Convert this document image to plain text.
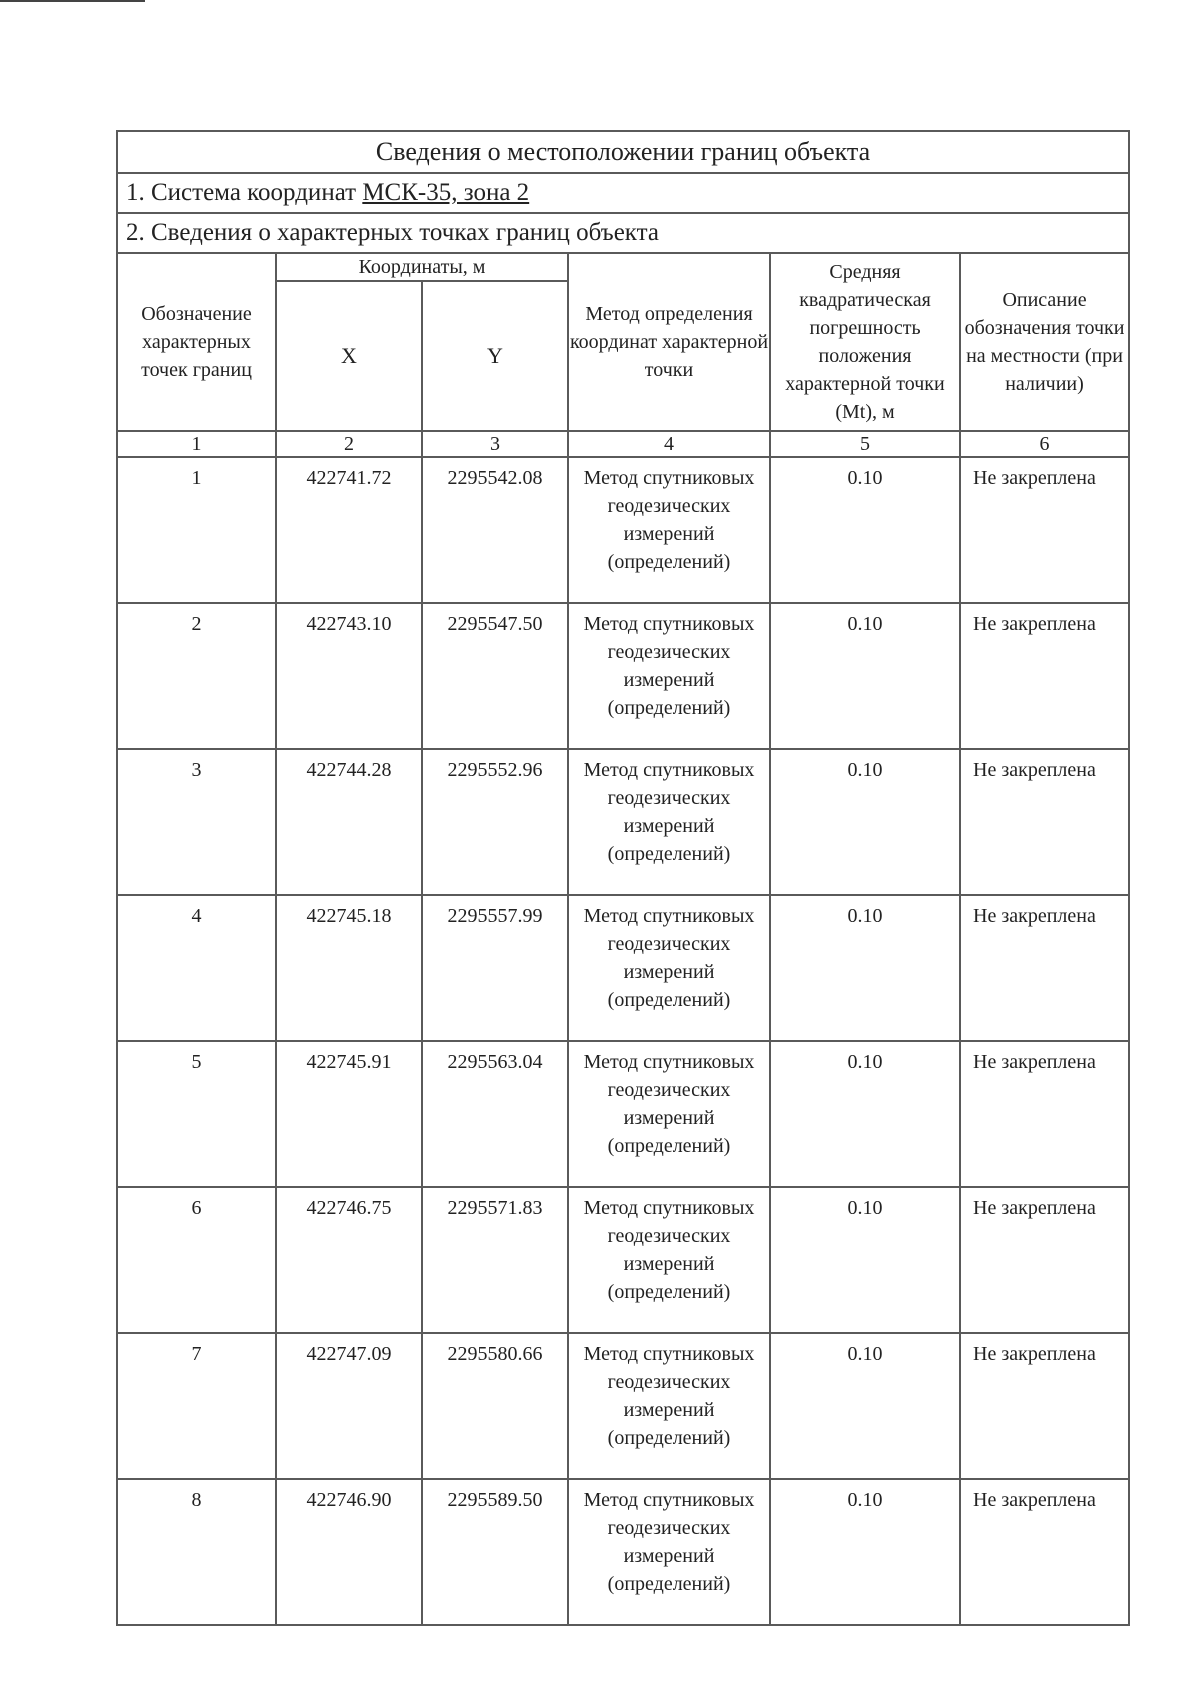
Сведения о местоположении границ объекта					
1. Система координат МСК-35, зона 2					
2. Сведения о характерных точках границ объекта					
Обозначение характерных точек границ	Координаты, м		Метод определения координат характерной точки	Средняя квадратическая погрешность положения характерной точки (Mt), м	Описание обозначения точки на местности (при наличии)
	X	Y			
1	2	3	4	5	6
1	422741.72	2295542.08	Метод спутниковых геодезических измерений (определений)	0.10	Не закреплена
2	422743.10	2295547.50	Метод спутниковых геодезических измерений (определений)	0.10	Не закреплена
3	422744.28	2295552.96	Метод спутниковых геодезических измерений (определений)	0.10	Не закреплена
4	422745.18	2295557.99	Метод спутниковых геодезических измерений (определений)	0.10	Не закреплена
5	422745.91	2295563.04	Метод спутниковых геодезических измерений (определений)	0.10	Не закреплена
6	422746.75	2295571.83	Метод спутниковых геодезических измерений (определений)	0.10	Не закреплена
7	422747.09	2295580.66	Метод спутниковых геодезических измерений (определений)	0.10	Не закреплена
8	422746.90	2295589.50	Метод спутниковых геодезических измерений (определений)	0.10	Не закреплена
